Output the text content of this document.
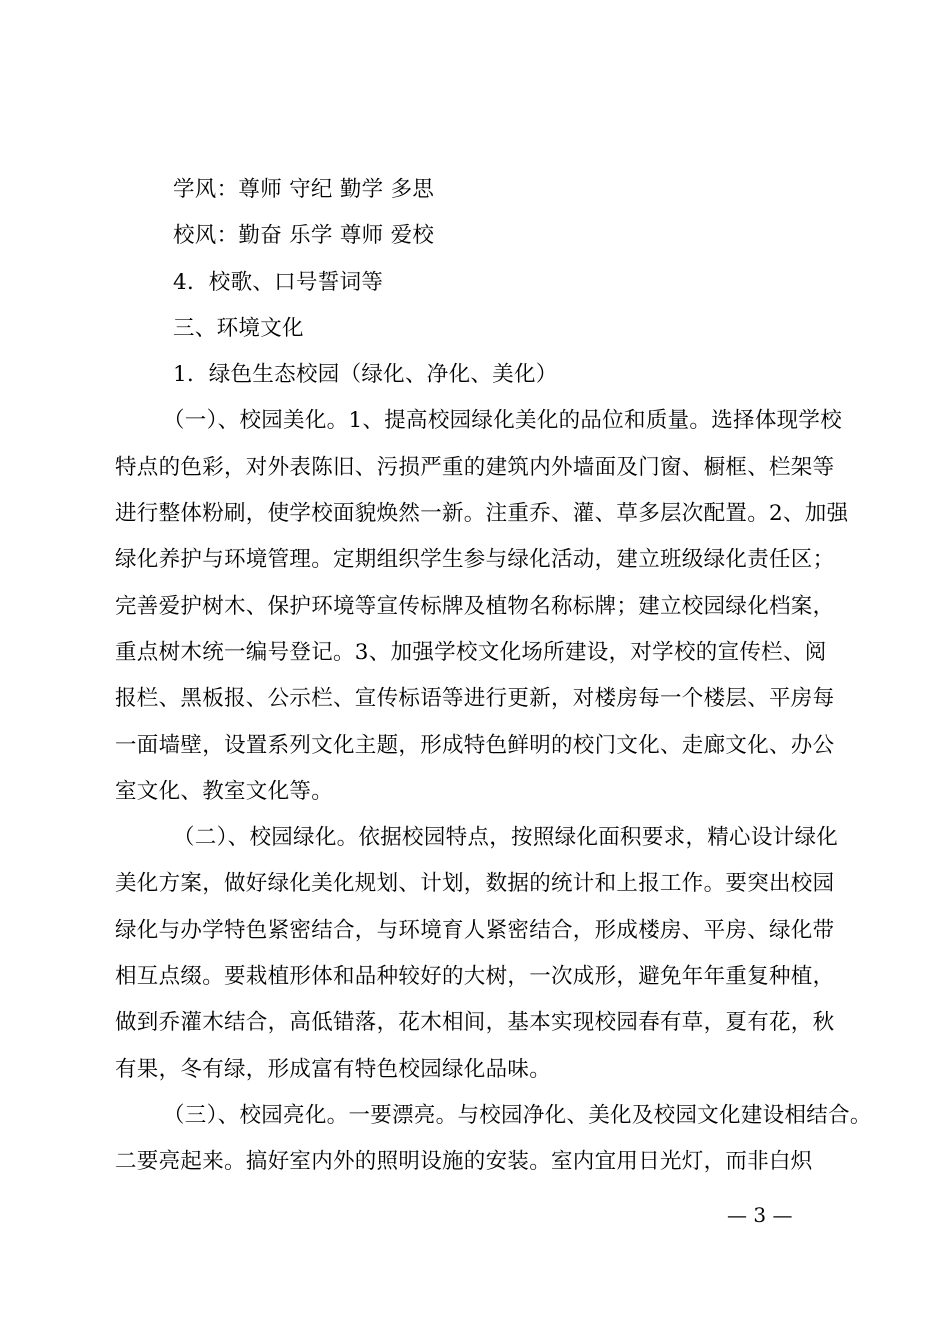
学风：尊师 守纪 勤学 多思
校风：勤奋 乐学 尊师 爱校
4．校歌、口号誓词等
三、环境文化
1．绿色生态校园（绿化、净化、美化）
（一）、校园美化。1、提高校园绿化美化的品位和质量。选择体现学校
特点的色彩，对外表陈旧、污损严重的建筑内外墙面及门窗、橱框、栏架等
进行整体粉刷，使学校面貌焕然一新。注重乔、灌、草多层次配置。2、加强
绿化养护与环境管理。定期组织学生参与绿化活动，建立班级绿化责任区；
完善爱护树木、保护环境等宣传标牌及植物名称标牌；建立校园绿化档案，
重点树木统一编号登记。3、加强学校文化场所建设，对学校的宣传栏、阅
报栏、黑板报、公示栏、宣传标语等进行更新，对楼房每一个楼层、平房每
一面墙壁，设置系列文化主题，形成特色鲜明的校门文化、走廊文化、办公
室文化、教室文化等。
（二）、校园绿化。依据校园特点，按照绿化面积要求，精心设计绿化
美化方案，做好绿化美化规划、计划，数据的统计和上报工作。要突出校园
绿化与办学特色紧密结合，与环境育人紧密结合，形成楼房、平房、绿化带
相互点缀。要栽植形体和品种较好的大树，一次成形，避免年年重复种植，
做到乔灌木结合，高低错落，花木相间，基本实现校园春有草，夏有花，秋
有果，冬有绿，形成富有特色校园绿化品味。
（三）、校园亮化。一要漂亮。与校园净化、美化及校园文化建设相结合。
二要亮起来。搞好室内外的照明设施的安装。室内宜用日光灯，而非白炽
— 3 —
